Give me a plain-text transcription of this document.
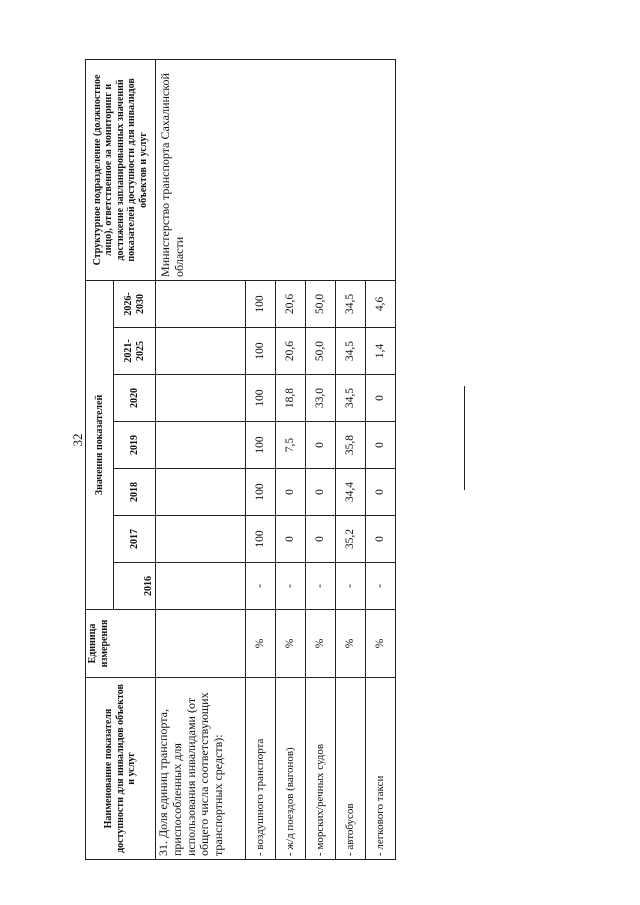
32
Наименование показателя доступности для инвалидов объектов и услуг	Единица измерения	Значения показателей							Структурное подразделение (должностное лицо), ответственное за мониторинг и достижение запланированных значений показателей доступности для инвалидов объектов и услуг
		2016	2017	2018	2019	2020	2021-2025	2026-2030	
31. Доля единиц транспорта, приспособленных для использования инвалидами (от общего числа соответствующих транспортных средств):									Министерство транспорта Сахалинской области
- воздушного транспорта	%	-	100	100	100	100	100	100	
- ж/д поездов (вагонов)	%	-	0	0	7,5	18,8	20,6	20,6	
- морских/речных судов	%	-	0	0	0	33,0	50,0	50,0	
- автобусов	%	-	35,2	34,4	35,8	34,5	34,5	34,5	
- легкового такси	%	-	0	0	0	0	1,4	4,6	
